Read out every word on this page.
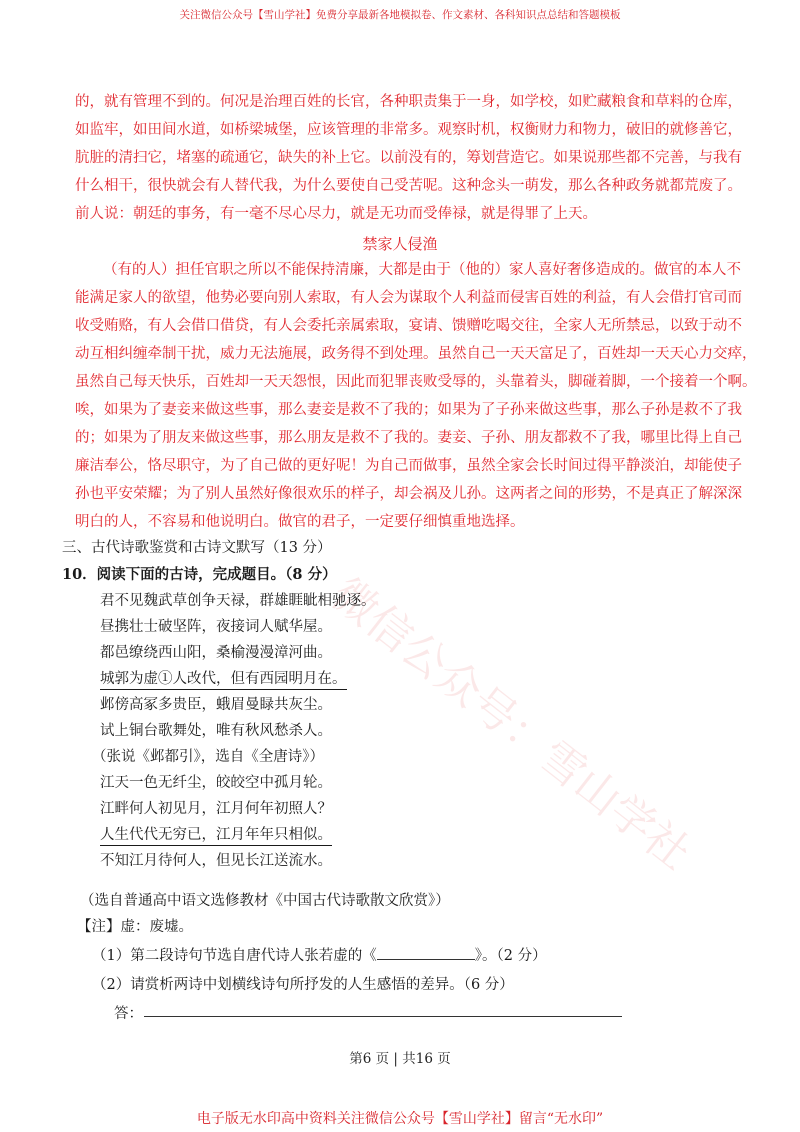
关注微信公众号【雪山学社】免费分享最新各地模拟卷、作文素材、各科知识点总结和答题模板
微信公众号：雪山学社

的，就有管理不到的。何况是治理百姓的长官，各种职责集于一身，如学校，如贮藏粮食和草料的仓库，

如监牢，如田间水道，如桥梁城堡，应该管理的非常多。观察时机，权衡财力和物力，破旧的就修善它，

肮脏的清扫它，堵塞的疏通它，缺失的补上它。以前没有的，筹划营造它。如果说那些都不完善，与我有

什么相干，很快就会有人替代我，为什么要使自己受苦呢。这种念头一萌发，那么各种政务就都荒废了。

前人说：朝廷的事务，有一毫不尽心尽力，就是无功而受俸禄，就是得罪了上天。

禁家人侵渔

（有的人）担任官职之所以不能保持清廉，大都是由于（他的）家人喜好奢侈造成的。做官的本人不

能满足家人的欲望，他势必要向别人索取，有人会为谋取个人利益而侵害百姓的利益，有人会借打官司而

收受贿赂，有人会借口借贷，有人会委托亲属索取，宴请、馈赠吃喝交往，全家人无所禁忌，以致于动不

动互相纠缠牵制干扰，威力无法施展，政务得不到处理。虽然自己一天天富足了，百姓却一天天心力交瘁，

虽然自己每天快乐，百姓却一天天怨恨，因此而犯罪丧败受辱的，头靠着头，脚碰着脚，一个接着一个啊。

唉，如果为了妻妾来做这些事，那么妻妾是救不了我的；如果为了子孙来做这些事，那么子孙是救不了我

的；如果为了朋友来做这些事，那么朋友是救不了我的。妻妾、子孙、朋友都救不了我，哪里比得上自己

廉洁奉公，恪尽职守，为了自己做的更好呢！为自己而做事，虽然全家会长时间过得平静淡泊，却能使子

孙也平安荣耀；为了别人虽然好像很欢乐的样子，却会祸及儿孙。这两者之间的形势，不是真正了解深深

明白的人，不容易和他说明白。做官的君子，一定要仔细慎重地选择。

三、古代诗歌鉴赏和古诗文默写（13 分）
10．阅读下面的古诗，完成题目。（8 分）
君不见魏武草创争天禄，群雄睚眦相驰逐。
昼携壮士破坚阵，夜接词人赋华屋。
都邑缭绕西山阳，桑榆漫漫漳河曲。
城郭为虚①人改代，但有西园明月在。
邺傍高冢多贵臣，蛾眉曼睩共灰尘。
试上铜台歌舞处，唯有秋风愁杀人。
（张说《邺都引》，选自《全唐诗》）
江天一色无纤尘，皎皎空中孤月轮。
江畔何人初见月，江月何年初照人？
人生代代无穷已，江月年年只相似。
不知江月待何人，但见长江送流水。
（选自普通高中语文选修教材《中国古代诗歌散文欣赏》）
【注】虚：废墟。
（1）第二段诗句节选自唐代诗人张若虚的《	》。（2 分）
（2）请赏析两诗中划横线诗句所抒发的人生感悟的差异。（6 分）
答：
第6 页 | 共16 页
电子版无水印高中资料关注微信公众号【雪山学社】留言“无水印”
